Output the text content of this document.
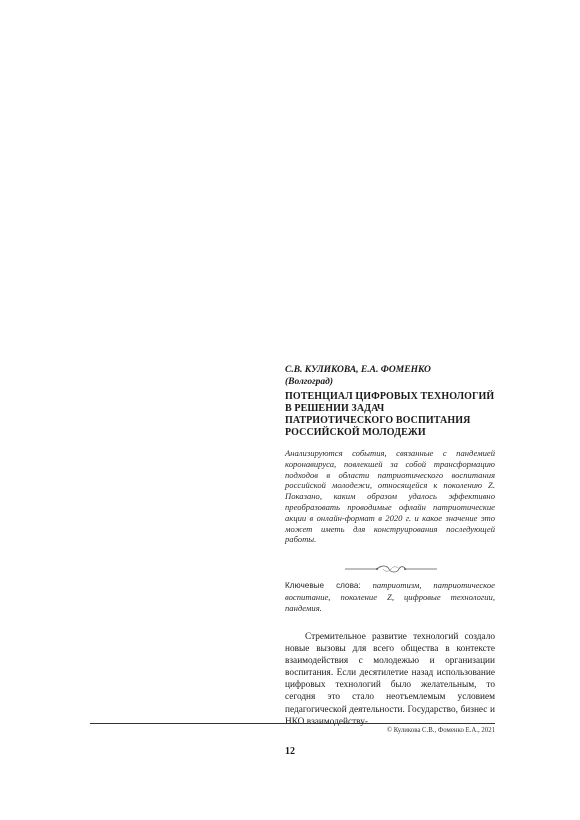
С.В. КУЛИКОВА, Е.А. ФОМЕНКО
(Волгоград)
ПОТЕНЦИАЛ ЦИФРОВЫХ ТЕХНОЛОГИЙ В РЕШЕНИИ ЗАДАЧ ПАТРИОТИЧЕСКОГО ВОСПИТАНИЯ РОССИЙСКОЙ МОЛОДЕЖИ
Анализируются события, связанные с пандемией коронавируса, повлекшей за собой трансформацию подходов в области патриотического воспитания российской молодежи, относящейся к поколению Z. Показано, каким образом удалось эффективно преобразовать проводимые офлайн патриотические акции в онлайн-формат в 2020 г. и какое значение это может иметь для конструирования последующей работы.
Ключевые слова: патриотизм, патриотическое воспитание, поколение Z, цифровые технологии, пандемия.
Стремительное развитие технологий создало новые вызовы для всего общества в контексте взаимодействия с молодежью и организации воспитания. Если десятилетие назад использование цифровых технологий было желательным, то сегодня это стало неотъемлемым условием педагогической деятельности. Государство, бизнес и НКО взаимодейству-
© Куликова С.В., Фоменко Е.А., 2021
12
